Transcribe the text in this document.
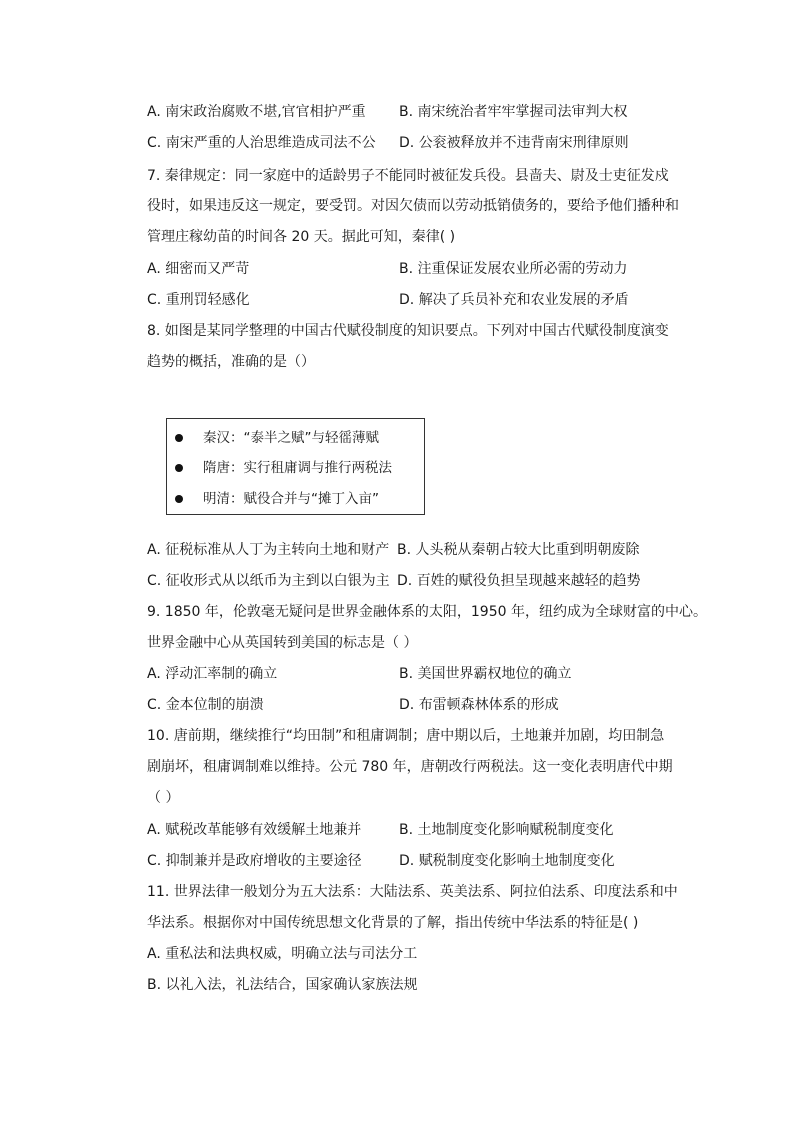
A. 南宋政治腐败不堪,官官相护严重 B. 南宋统治者牢牢掌握司法审判大权
C. 南宋严重的人治思维造成司法不公 D. 公衮被释放并不违背南宋刑律原则
7. 秦律规定：同一家庭中的适龄男子不能同时被征发兵役。县啬夫、尉及士吏征发戍
役时，如果违反这一规定，要受罚。对因欠债而以劳动抵销债务的，要给予他们播种和
管理庄稼幼苗的时间各 20 天。据此可知，秦律( )
A. 细密而又严苛	B. 注重保证发展农业所必需的劳动力
C. 重刑罚轻感化	D. 解决了兵员补充和农业发展的矛盾
8. 如图是某同学整理的中国古代赋役制度的知识要点。下列对中国古代赋役制度演变
趋势的概括，准确的是（）
秦汉：“泰半之赋”与轻徭薄赋
隋唐：实行租庸调与推行两税法
明清：赋役合并与“摊丁入亩”
A. 征税标准从人丁为主转向土地和财产 B. 人头税从秦朝占较大比重到明朝废除
C. 征收形式从以纸币为主到以白银为主 D. 百姓的赋役负担呈现越来越轻的趋势
9. 1850 年，伦敦毫无疑问是世界金融体系的太阳，1950 年，纽约成为全球财富的中心。
世界金融中心从英国转到美国的标志是（ ）
A. 浮动汇率制的确立	B. 美国世界霸权地位的确立
C. 金本位制的崩溃	D. 布雷顿森林体系的形成
10. 唐前期，继续推行“均田制”和租庸调制；唐中期以后，土地兼并加剧，均田制急
剧崩坏，租庸调制难以维持。公元 780 年，唐朝改行两税法。这一变化表明唐代中期
（ ）
A. 赋税改革能够有效缓解土地兼并	B. 土地制度变化影响赋税制度变化
C. 抑制兼并是政府增收的主要途径	D. 赋税制度变化影响土地制度变化
11. 世界法律一般划分为五大法系：大陆法系、英美法系、阿拉伯法系、印度法系和中
华法系。根据你对中国传统思想文化背景的了解，指出传统中华法系的特征是( )
A. 重私法和法典权威，明确立法与司法分工
B. 以礼入法，礼法结合，国家确认家族法规
